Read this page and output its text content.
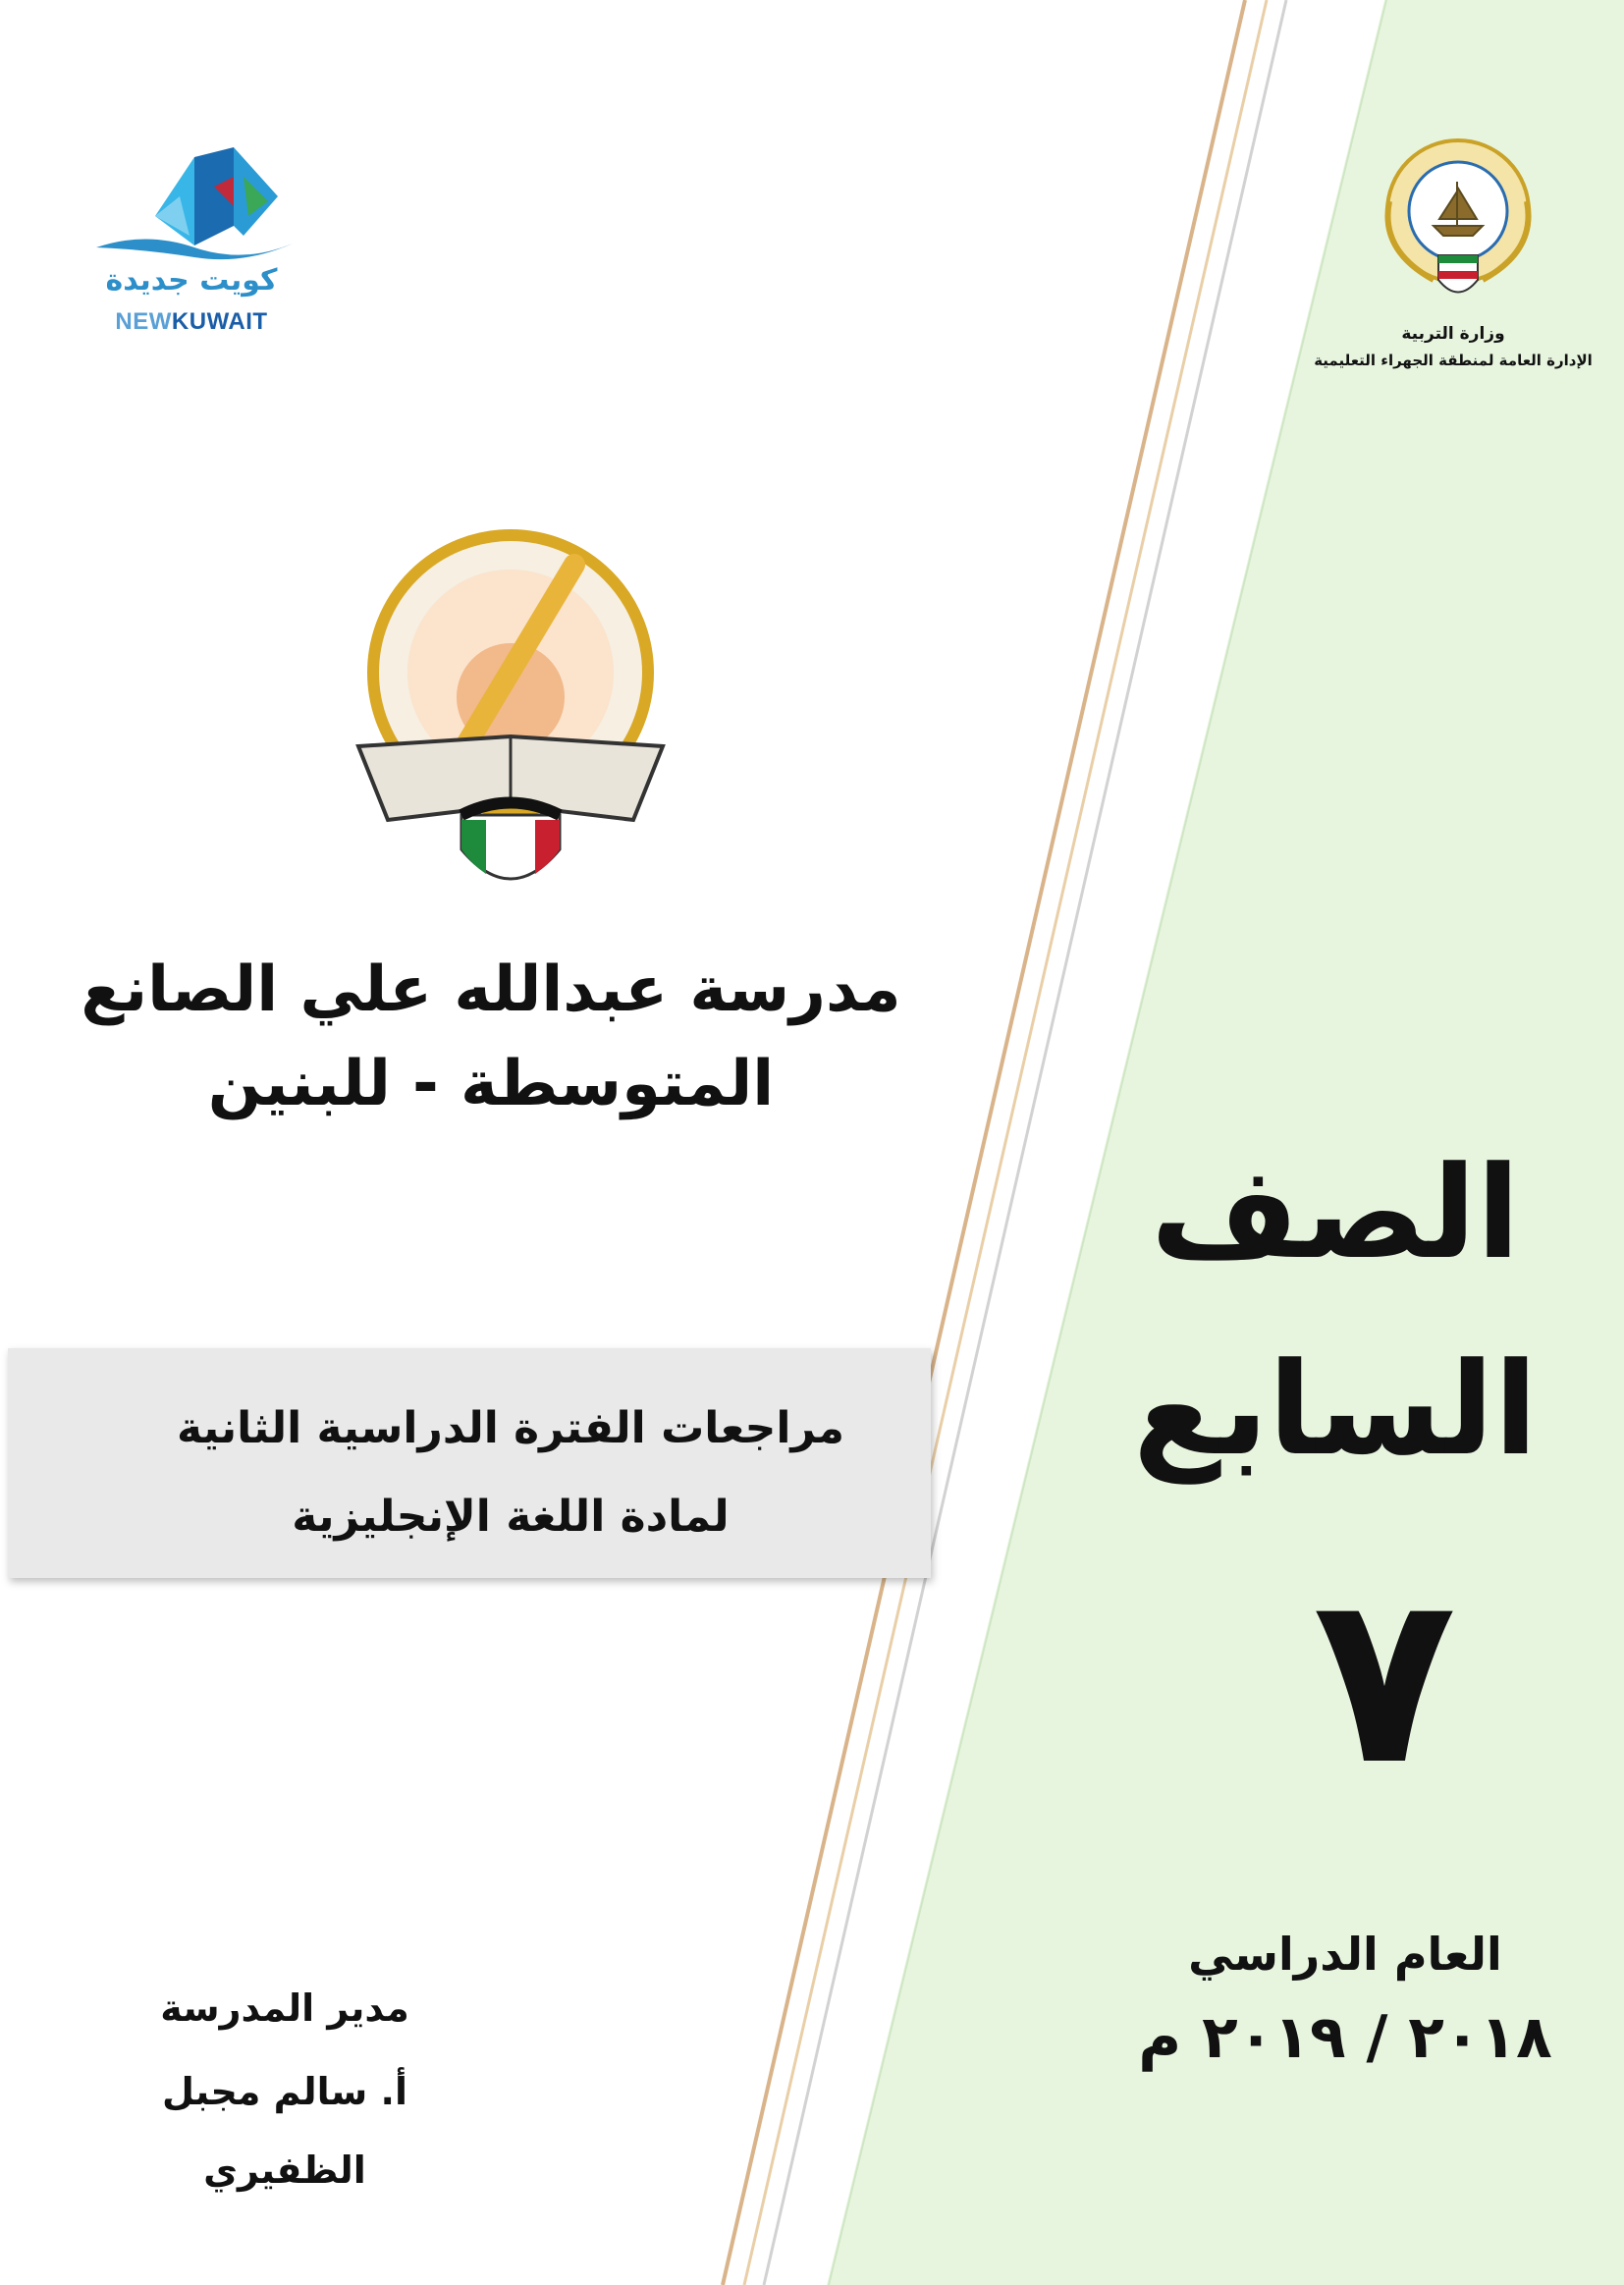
كويت جديدة
NEWKUWAIT	وزارة التربية
الإدارة العامة لمنطقة الجهراء التعليمية
مدرسة عبدالله علي الصانع
المتوسطة - للبنين
مراجعات الفترة الدراسية الثانية
لمادة اللغة الإنجليزية
الصف
السابع
٧
العام الدراسي
٢٠١٨ / ٢٠١٩ م
مدير المدرسة
أ. سالم مجبل الظفيري
